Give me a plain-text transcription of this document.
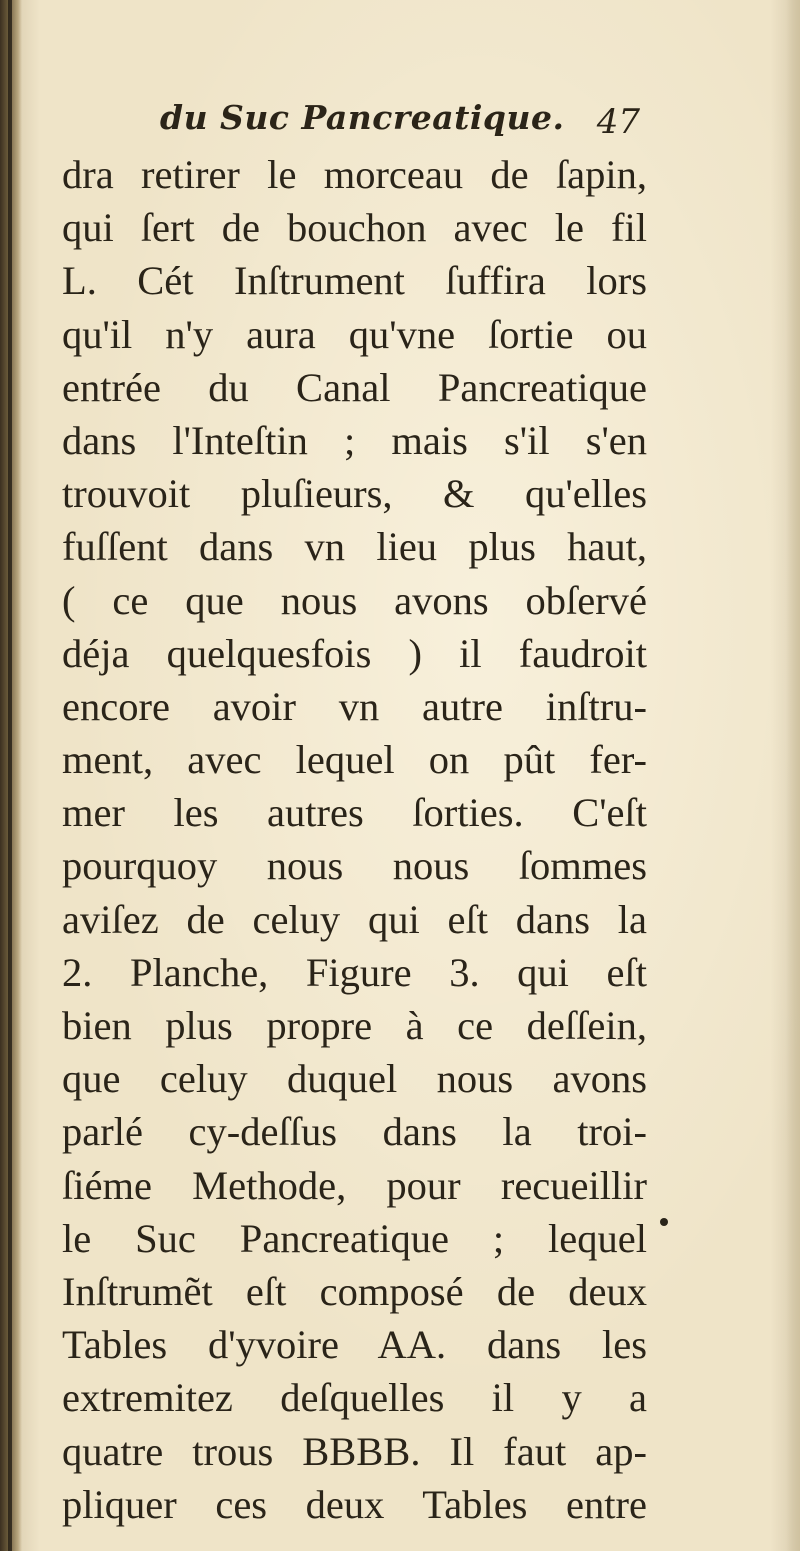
du Suc Pancreatique. 47
dra retirer le morceau de ſapin,
qui ſert de bouchon avec le fil
L. Cét Inſtrument ſuffira lors
qu'il n'y aura qu'vne ſortie ou
entrée du Canal Pancreatique
dans l'Inteſtin ; mais s'il s'en
trouvoit pluſieurs, & qu'elles
fuſſent dans vn lieu plus haut,
( ce que nous avons obſervé
déja quelquesfois ) il faudroit
encore avoir vn autre inſtru-
ment, avec lequel on pût fer-
mer les autres ſorties. C'eſt
pourquoy nous nous ſommes
aviſez de celuy qui eſt dans la
2. Planche, Figure 3. qui eſt
bien plus propre à ce deſſein,
que celuy duquel nous avons
parlé cy-deſſus dans la troi-
ſiéme Methode, pour recueillir
le Suc Pancreatique ; lequel
Inſtrumẽt eſt composé de deux
Tables d'yvoire AA. dans les
extremitez deſquelles il y a
quatre trous BBBB. Il faut ap-
pliquer ces deux Tables entre
